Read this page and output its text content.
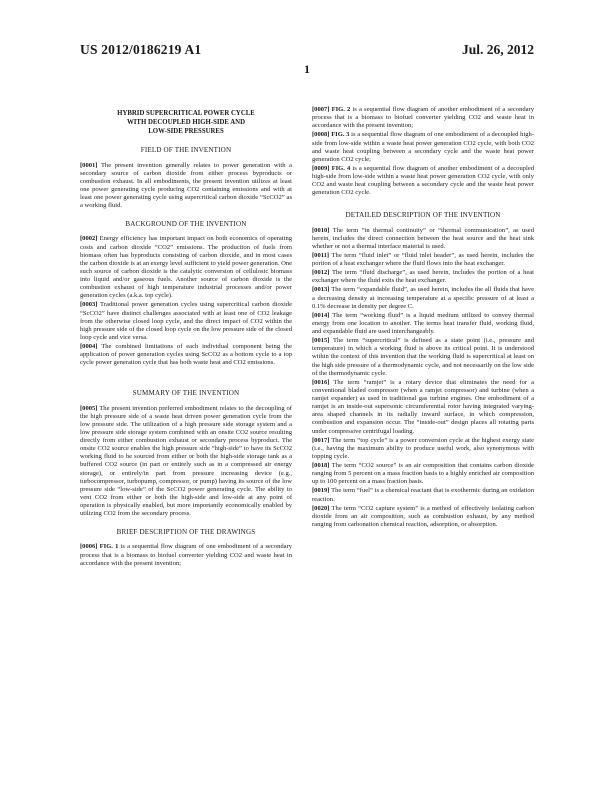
US 2012/0186219 A1	Jul. 26, 2012
1
HYBRID SUPERCRITICAL POWER CYCLE
WITH DECOUPLED HIGH-SIDE AND
LOW-SIDE PRESSURES
FIELD OF THE INVENTION

[0001] The present invention generally relates to power generation with a secondary source of carbon dioxide from either process byproducts or combustion exhaust. In all embodiments, the present invention utilizes at least one power generating cycle producing CO2 containing emissions and with at least one power generating cycle using supercritical carbon dioxide “ScCO2” as a working fluid.

BACKGROUND OF THE INVENTION

[0002] Energy efficiency has important impact on both economics of operating costs and carbon dioxide “CO2” emissions. The production of fuels from biomass often has byproducts consisting of carbon dioxide, and in most cases the carbon dioxide is at an exergy level sufficient to yield power generation. One such source of carbon dioxide is the catalytic conversion of cellulosic biomass into liquid and/or gaseous fuels. Another source of carbon dioxide is the combustion exhaust of high temperature industrial processes and/or power generation cycles (a.k.a. top cycle).

[0003] Traditional power generation cycles using supercritical carbon dioxide “ScCO2” have distinct challenges associated with at least one of CO2 leakage from the otherwise closed loop cycle, and the direct impact of CO2 within the high pressure side of the closed loop cycle on the low pressure side of the closed loop cycle and vice versa.

[0004] The combined limitations of each individual component being the application of power generation cycles using ScCO2 as a bottom cycle to a top cycle power generation cycle that has both waste heat and CO2 emissions.

SUMMARY OF THE INVENTION

[0005] The present invention preferred embodiment relates to the decoupling of the high pressure side of a waste heat driven power generation cycle from the low pressure side. The utilization of a high pressure side storage system and a low pressure side storage system combined with an onsite CO2 source resulting directly from either combustion exhaust or secondary process byproduct. The onsite CO2 source enables the high pressure side “high-side” to have its ScCO2 working fluid to be sourced from either or both the high-side storage tank as a buffered CO2 source (in part or entirely such as in a compressed air energy storage), or entirely/in part from pressure increasing device (e.g., turbocompressor, turbopump, compressor, or pump) having its source of the low pressure side “low-side” of the ScCO2 power generating cycle. The ability to vent CO2 from either or both the high-side and low-side at any point of operation is physically enabled, but more importantly economically enabled by utilizing CO2 from the secondary process.

BRIEF DESCRIPTION OF THE DRAWINGS

[0006] FIG. 1 is a sequential flow diagram of one embodiment of a secondary process that is a biomass to biofuel converter yielding CO2 and waste heat in accordance with the present invention;

[0007] FIG. 2 is a sequential flow diagram of another embodiment of a secondary process that is a biomass to biofuel converter yielding CO2 and waste heat in accordance with the present invention;

[0008] FIG. 3 is a sequential flow diagram of one embodiment of a decoupled high-side from low-side within a waste heat power generation CO2 cycle, with both CO2 and waste heat coupling between a secondary cycle and the waste heat power generation CO2 cycle;

[0009] FIG. 4 is a sequential flow diagram of another embodiment of a decoupled high-side from low-side within a waste heat power generation CO2 cycle, with only CO2 and waste heat coupling between a secondary cycle and the waste heat power generation CO2 cycle.

DETAILED DESCRIPTION OF THE INVENTION

[0010] The term “in thermal continuity” or “thermal communication”, as used herein, includes the direct connection between the heat source and the heat sink whether or not a thermal interface material is used.

[0011] The term “fluid inlet” or “fluid inlet header”, as used herein, includes the portion of a heat exchanger where the fluid flows into the heat exchanger.

[0012] The term “fluid discharge”, as used herein, includes the portion of a heat exchanger where the fluid exits the heat exchanger.

[0013] The term “expandable fluid”, as used herein, includes the all fluids that have a decreasing density at increasing temperature at a specific pressure of at least a 0.1% decrease in density per degree C.

[0014] The term “working fluid” is a liquid medium utilized to convey thermal energy from one location to another. The terms heat transfer fluid, working fluid, and expandable fluid are used interchangeably.

[0015] The term “supercritical” is defined as a state point (i.e., pressure and temperature) in which a working fluid is above its critical point. It is understood within the context of this invention that the working fluid is supercritical at least on the high side pressure of a thermodynamic cycle, and not necessarily on the low side of the thermodynamic cycle.

[0016] The term “ramjet” is a rotary device that eliminates the need for a conventional bladed compressor (when a ramjet compressor) and turbine (when a ramjet expander) as used in traditional gas turbine engines. One embodiment of a ramjet is an inside-out supersonic circumferential rotor having integrated varying-area shaped channels in its radially inward surface, in which compression, combustion and expansion occur. The “inside-out” design places all rotating parts under compressive centrifugal loading.

[0017] The term “top cycle” is a power conversion cycle at the highest exergy state (i.e., having the maximum ability to produce useful work, also synonymous with topping cycle.

[0018] The term “CO2 source” is an air composition that contains carbon dioxide ranging from 5 percent on a mass fraction basis to a highly enriched air composition up to 100 percent on a mass fraction basis.

[0019] The term “fuel” is a chemical reactant that is exothermic during an oxidation reaction.

[0020] The term “CO2 capture system” is a method of effectively isolating carbon dioxide from an air composition, such as combustion exhaust, by any method ranging from carbonation chemical reaction, adsorption, or absorption.
